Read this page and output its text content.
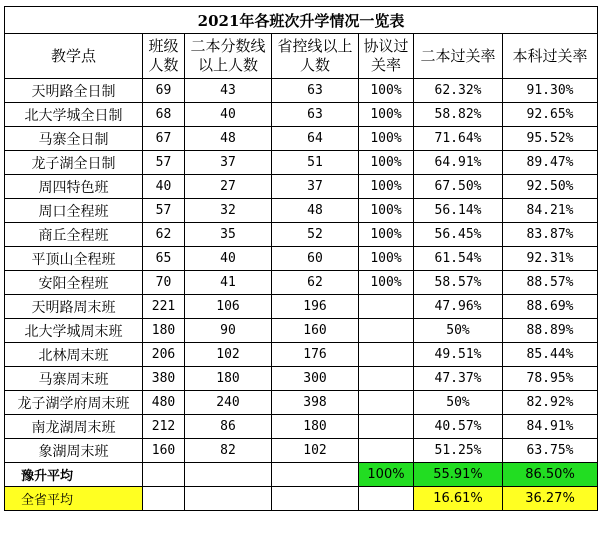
2021年各班次升学情况一览表						
教学点	班级人数	二本分数线以上人数	省控线以上人数	协议过关率	二本过关率	本科过关率
天明路全日制	69	43	63	100%	62.32%	91.30%
北大学城全日制	68	40	63	100%	58.82%	92.65%
马寨全日制	67	48	64	100%	71.64%	95.52%
龙子湖全日制	57	37	51	100%	64.91%	89.47%
周四特色班	40	27	37	100%	67.50%	92.50%
周口全程班	57	32	48	100%	56.14%	84.21%
商丘全程班	62	35	52	100%	56.45%	83.87%
平顶山全程班	65	40	60	100%	61.54%	92.31%
安阳全程班	70	41	62	100%	58.57%	88.57%
天明路周末班	221	106	196		47.96%	88.69%
北大学城周末班	180	90	160		50%	88.89%
北林周末班	206	102	176		49.51%	85.44%
马寨周末班	380	180	300		47.37%	78.95%
龙子湖学府周末班	480	240	398		50%	82.92%
南龙湖周末班	212	86	180		40.57%	84.91%
象湖周末班	160	82	102		51.25%	63.75%
豫升平均				100%	55.91%	86.50%
全省平均					16.61%	36.27%
